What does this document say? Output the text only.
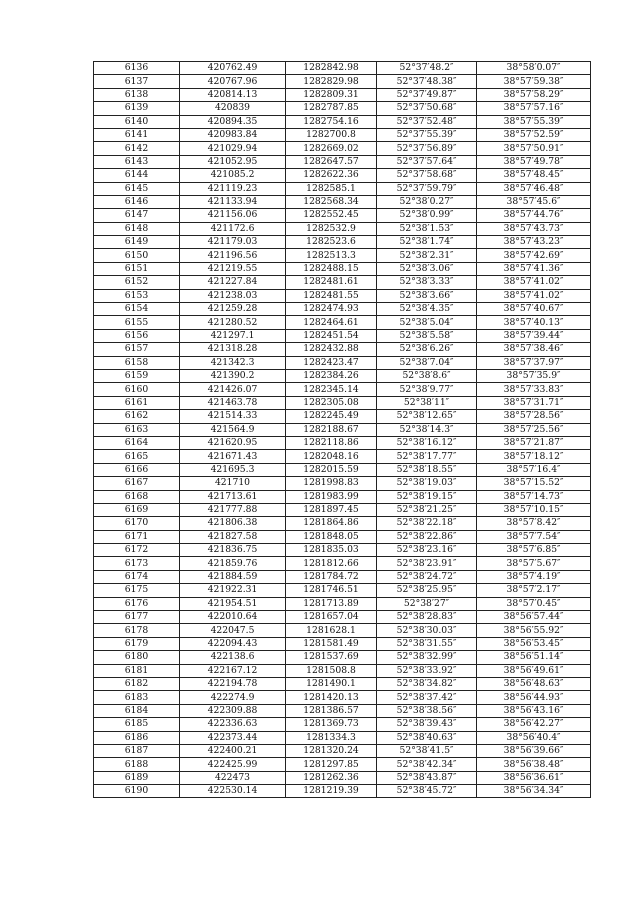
6136	420762.49	1282842.98	52°37′48.2″	38°58′0.07″
6137	420767.96	1282829.98	52°37′48.38″	38°57′59.38″
6138	420814.13	1282809.31	52°37′49.87″	38°57′58.29″
6139	420839	1282787.85	52°37′50.68″	38°57′57.16″
6140	420894.35	1282754.16	52°37′52.48″	38°57′55.39″
6141	420983.84	1282700.8	52°37′55.39″	38°57′52.59″
6142	421029.94	1282669.02	52°37′56.89″	38°57′50.91″
6143	421052.95	1282647.57	52°37′57.64″	38°57′49.78″
6144	421085.2	1282622.36	52°37′58.68″	38°57′48.45″
6145	421119.23	1282585.1	52°37′59.79″	38°57′46.48″
6146	421133.94	1282568.34	52°38′0.27″	38°57′45.6″
6147	421156.06	1282552.45	52°38′0.99″	38°57′44.76″
6148	421172.6	1282532.9	52°38′1.53″	38°57′43.73″
6149	421179.03	1282523.6	52°38′1.74″	38°57′43.23″
6150	421196.56	1282513.3	52°38′2.31″	38°57′42.69″
6151	421219.55	1282488.15	52°38′3.06″	38°57′41.36″
6152	421227.84	1282481.61	52°38′3.33″	38°57′41.02″
6153	421238.03	1282481.55	52°38′3.66″	38°57′41.02″
6154	421259.28	1282474.93	52°38′4.35″	38°57′40.67″
6155	421280.52	1282464.61	52°38′5.04″	38°57′40.13″
6156	421297.1	1282451.54	52°38′5.58″	38°57′39.44″
6157	421318.28	1282432.88	52°38′6.26″	38°57′38.46″
6158	421342.3	1282423.47	52°38′7.04″	38°57′37.97″
6159	421390.2	1282384.26	52°38′8.6″	38°57′35.9″
6160	421426.07	1282345.14	52°38′9.77″	38°57′33.83″
6161	421463.78	1282305.08	52°38′11″	38°57′31.71″
6162	421514.33	1282245.49	52°38′12.65″	38°57′28.56″
6163	421564.9	1282188.67	52°38′14.3″	38°57′25.56″
6164	421620.95	1282118.86	52°38′16.12″	38°57′21.87″
6165	421671.43	1282048.16	52°38′17.77″	38°57′18.12″
6166	421695.3	1282015.59	52°38′18.55″	38°57′16.4″
6167	421710	1281998.83	52°38′19.03″	38°57′15.52″
6168	421713.61	1281983.99	52°38′19.15″	38°57′14.73″
6169	421777.88	1281897.45	52°38′21.25″	38°57′10.15″
6170	421806.38	1281864.86	52°38′22.18″	38°57′8.42″
6171	421827.58	1281848.05	52°38′22.86″	38°57′7.54″
6172	421836.75	1281835.03	52°38′23.16″	38°57′6.85″
6173	421859.76	1281812.66	52°38′23.91″	38°57′5.67″
6174	421884.59	1281784.72	52°38′24.72″	38°57′4.19″
6175	421922.31	1281746.51	52°38′25.95″	38°57′2.17″
6176	421954.51	1281713.89	52°38′27″	38°57′0.45″
6177	422010.64	1281657.04	52°38′28.83″	38°56′57.44″
6178	422047.5	1281628.1	52°38′30.03″	38°56′55.92″
6179	422094.43	1281581.49	52°38′31.55″	38°56′53.45″
6180	422138.6	1281537.69	52°38′32.99″	38°56′51.14″
6181	422167.12	1281508.8	52°38′33.92″	38°56′49.61″
6182	422194.78	1281490.1	52°38′34.82″	38°56′48.63″
6183	422274.9	1281420.13	52°38′37.42″	38°56′44.93″
6184	422309.88	1281386.57	52°38′38.56″	38°56′43.16″
6185	422336.63	1281369.73	52°38′39.43″	38°56′42.27″
6186	422373.44	1281334.3	52°38′40.63″	38°56′40.4″
6187	422400.21	1281320.24	52°38′41.5″	38°56′39.66″
6188	422425.99	1281297.85	52°38′42.34″	38°56′38.48″
6189	422473	1281262.36	52°38′43.87″	38°56′36.61″
6190	422530.14	1281219.39	52°38′45.72″	38°56′34.34″
